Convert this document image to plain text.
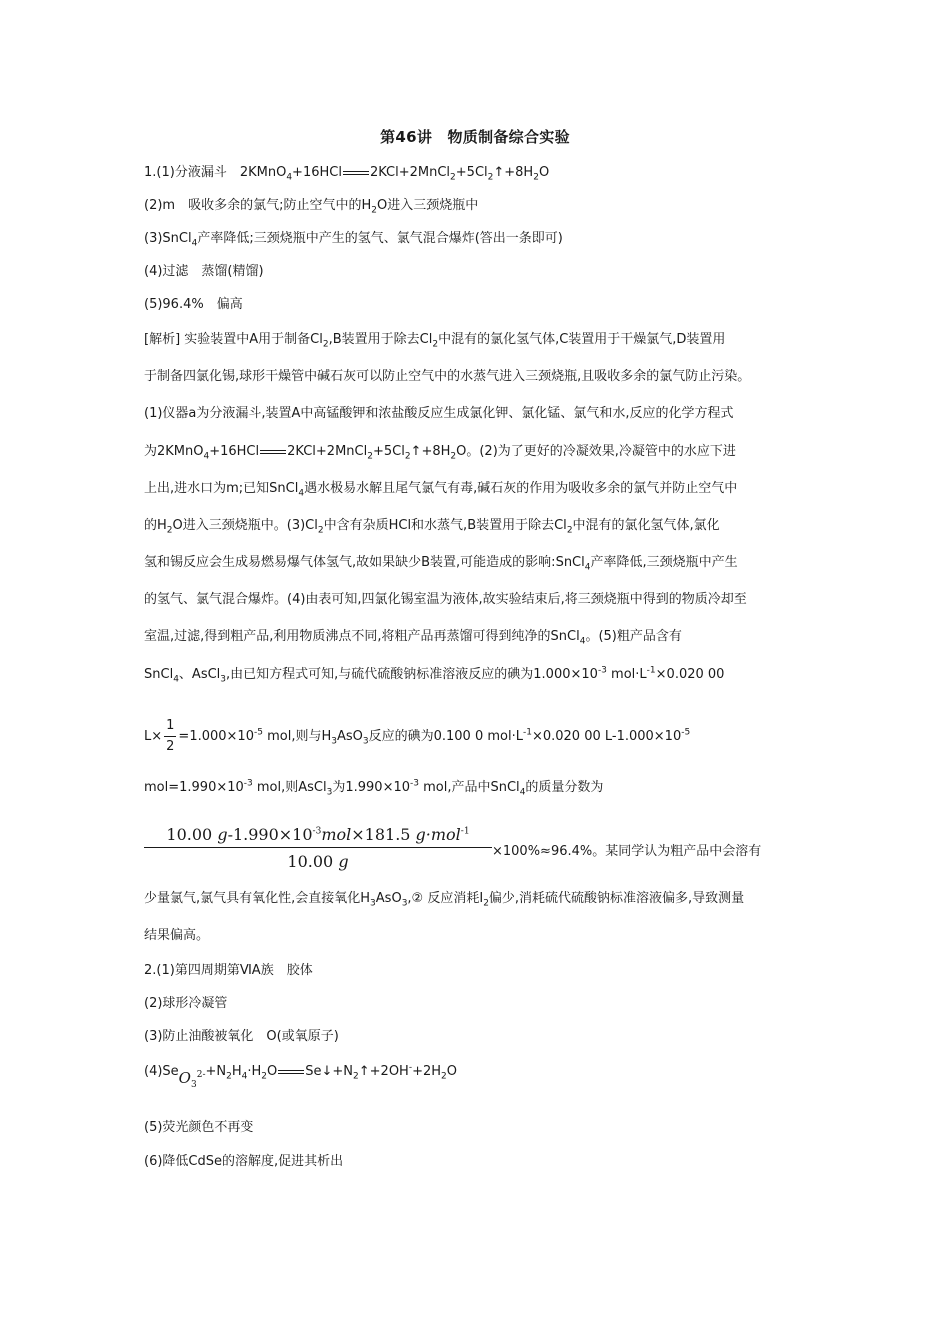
第46讲　物质制备综合实验
1.(1)分液漏斗　2KMnO$_4$+16HCl $2KCl+2MnCl_2+5Cl_2↑+8H_2O$
(2)m　吸收多余的氯气;防止空气中的$H_2O$进入三颈烧瓶中
(3)SnCl$_4$产率降低;三颈烧瓶中产生的氢气、氯气混合爆炸(答出一条即可)
(4)过滤　蒸馏(精馏)
(5)96.4%　偏高
[解析] 实验装置中A用于制备$Cl_2,B$装置用于除去$Cl_2$中混有的氯化氢气体,C装置用于干燥氯气,D装置用
于制备四氯化锡,球形干燥管中碱石灰可以防止空气中的水蒸气进入三颈烧瓶,且吸收多余的氯气防止污染。
(1)仪器a为分液漏斗,装置A中高锰酸钾和浓盐酸反应生成氯化钾、氯化锰、氯气和水,反应的化学方程式
为2KMnO$_4$+16HCl $2KCl+2MnCl_2+5Cl_2↑+8H_2O$。(2)为了更好的冷凝效果,冷凝管中的水应下进
上出,进水口为m;已知SnCl$_4$遇水极易水解且尾气氯气有毒,碱石灰的作用为吸收多余的氯气并防止空气中
的$H_2O$进入三颈烧瓶中。$(3)Cl_2$中含有杂质HCl和水蒸气,B装置用于除去$Cl_2$中混有的氯化氢气体,氯化
氢和锡反应会生成易燃易爆气体氢气,故如果缺少B装置,可能造成的影响:SnCl$_4$产率降低,三颈烧瓶中产生
的氢气、氯气混合爆炸。(4)由表可知,四氯化锡室温为液体,故实验结束后,将三颈烧瓶中得到的物质冷却至
室温,过滤,得到粗产品,利用物质沸点不同,将粗产品再蒸馏可得到纯净的SnCl$_4$。(5)粗产品含有
SnCl$_4$、AsCl$_3$,由已知方程式可知,与硫代硫酸钠标准溶液反应的碘为$1.000\times 10^{-3}$ $mol\cdot L^{-1}\times 0.020$ 00
$L\times \frac{1}{2} =1.000\times 10^{-5}$ mol,则与$H_3AsO_3$反应的碘为0.100 0 $mol\cdot L^{-1}\times 0.020$ 00 $L-1.000\times 10^{-5}$
$mol=1.990\times 10^{-3}$ mol,则AsCl$_3$为$1.990\times 10^{-3}$ mol,产品中SnCl$_4$的质量分数为
10.00 $g-1.990\times 10^{-3}mol\times 181.5$ g·mol$^{-1}$
10.00 g
×100%≈96.4%。某同学认为粗产品中会溶有
少量氯气,氯气具有氧化性,会直接氧化$H_3AsO_3,②$ 反应消耗$I_2$偏少,消耗硫代硫酸钠标准溶液偏多,导致测量
结果偏高。
2.(1)第四周期第ⅥA族　胶体
(2)球形冷凝管
(3)防止油酸被氧化　O(或氧原子)
$(4)SeO_3^{2-}+N_2H_4\cdot H_2O$ $Se↓+N_2↑+2OH^-+2H_2O$
(5)荧光颜色不再变
(6)降低CdSe的溶解度,促进其析出
